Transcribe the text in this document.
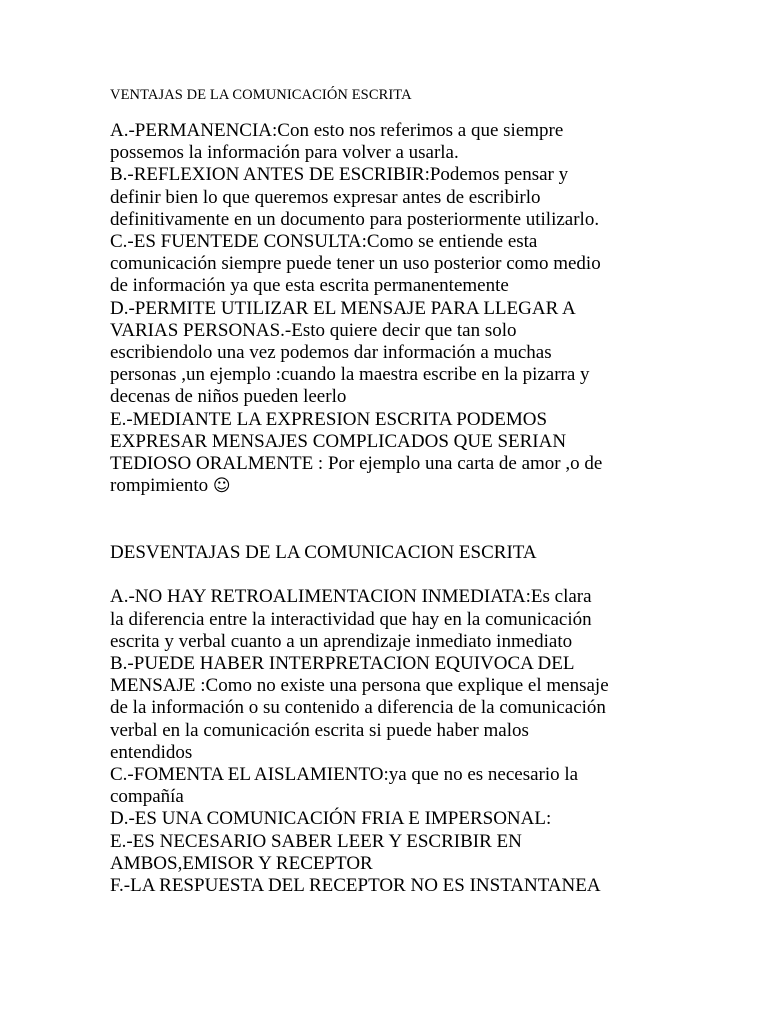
VENTAJAS DE LA COMUNICACIÓN ESCRITA
A.-PERMANENCIA:Con esto nos referimos a que siempre
possemos la información para volver a usarla.
B.-REFLEXION ANTES DE ESCRIBIR:Podemos pensar y
definir bien lo que queremos expresar antes de escribirlo
definitivamente en un documento para posteriormente utilizarlo.
C.-ES FUENTEDE CONSULTA:Como se entiende esta
comunicación siempre puede tener un uso posterior como medio
de información ya que esta escrita permanentemente
D.-PERMITE UTILIZAR EL MENSAJE PARA LLEGAR A
VARIAS PERSONAS.-Esto quiere decir que tan solo
escribiendolo una vez podemos dar información a muchas
personas ,un ejemplo :cuando la maestra escribe en la pizarra y
decenas de niños pueden leerlo
E.-MEDIANTE LA EXPRESION ESCRITA PODEMOS
EXPRESAR MENSAJES COMPLICADOS QUE SERIAN
TEDIOSO ORALMENTE : Por ejemplo una carta de amor ,o de
rompimiento ☺
DESVENTAJAS DE LA COMUNICACION ESCRITA
A.-NO HAY RETROALIMENTACION INMEDIATA:Es clara
la diferencia entre la interactividad que hay en la comunicación
escrita y verbal cuanto a un aprendizaje inmediato inmediato
B.-PUEDE HABER INTERPRETACION EQUIVOCA DEL
MENSAJE :Como no existe una persona que explique el mensaje
de la información o su contenido a diferencia de la comunicación
verbal en la comunicación escrita si puede haber malos
entendidos
C.-FOMENTA EL AISLAMIENTO:ya que no es necesario la
compañía
D.-ES UNA COMUNICACIÓN FRIA E IMPERSONAL:
E.-ES NECESARIO SABER LEER Y ESCRIBIR EN
AMBOS,EMISOR Y RECEPTOR
F.-LA RESPUESTA DEL RECEPTOR NO ES INSTANTANEA
